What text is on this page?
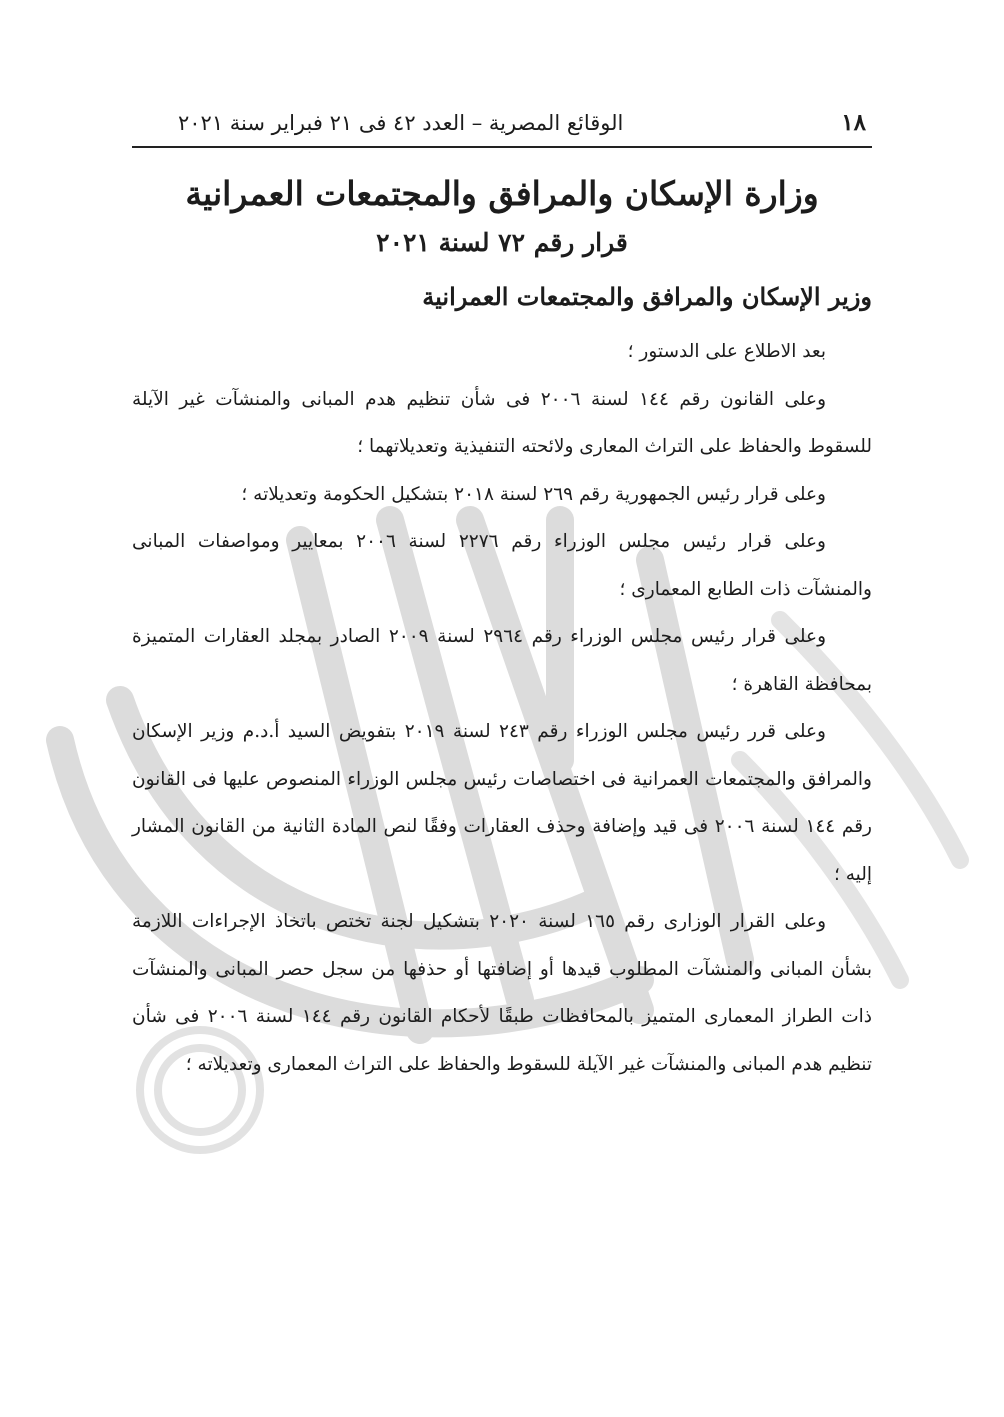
١٨
الوقائع المصرية – العدد ٤٢ فى ٢١ فبراير سنة ٢٠٢١
وزارة الإسكان والمرافق والمجتمعات العمرانية
قرار رقم ٧٢ لسنة ٢٠٢١
وزير الإسكان والمرافق والمجتمعات العمرانية

بعد الاطلاع على الدستور ؛

وعلى القانون رقم ١٤٤ لسنة ٢٠٠٦ فى شأن تنظيم هدم المبانى والمنشآت غير الآيلة للسقوط والحفاظ على التراث المعارى ولائحته التنفيذية وتعديلاتهما ؛

وعلى قرار رئيس الجمهورية رقم ٢٦٩ لسنة ٢٠١٨ بتشكيل الحكومة وتعديلاته ؛

وعلى قرار رئيس مجلس الوزراء رقم ٢٢٧٦ لسنة ٢٠٠٦ بمعايير ومواصفات المبانى والمنشآت ذات الطابع المعمارى ؛

وعلى قرار رئيس مجلس الوزراء رقم ٢٩٦٤ لسنة ٢٠٠٩ الصادر بمجلد العقارات المتميزة بمحافظة القاهرة ؛

وعلى قرر رئيس مجلس الوزراء رقم ٢٤٣ لسنة ٢٠١٩ بتفويض السيد أ.د.م وزير الإسكان والمرافق والمجتمعات العمرانية فى اختصاصات رئيس مجلس الوزراء المنصوص عليها فى القانون رقم ١٤٤ لسنة ٢٠٠٦ فى قيد وإضافة وحذف العقارات وفقًا لنص المادة الثانية من القانون المشار إليه ؛

وعلى القرار الوزارى رقم ١٦٥ لسنة ٢٠٢٠ بتشكيل لجنة تختص باتخاذ الإجراءات اللازمة بشأن المبانى والمنشآت المطلوب قيدها أو إضافتها أو حذفها من سجل حصر المبانى والمنشآت ذات الطراز المعمارى المتميز بالمحافظات طبقًا لأحكام القانون رقم ١٤٤ لسنة ٢٠٠٦ فى شأن تنظيم هدم المبانى والمنشآت غير الآيلة للسقوط والحفاظ على التراث المعمارى وتعديلاته ؛
